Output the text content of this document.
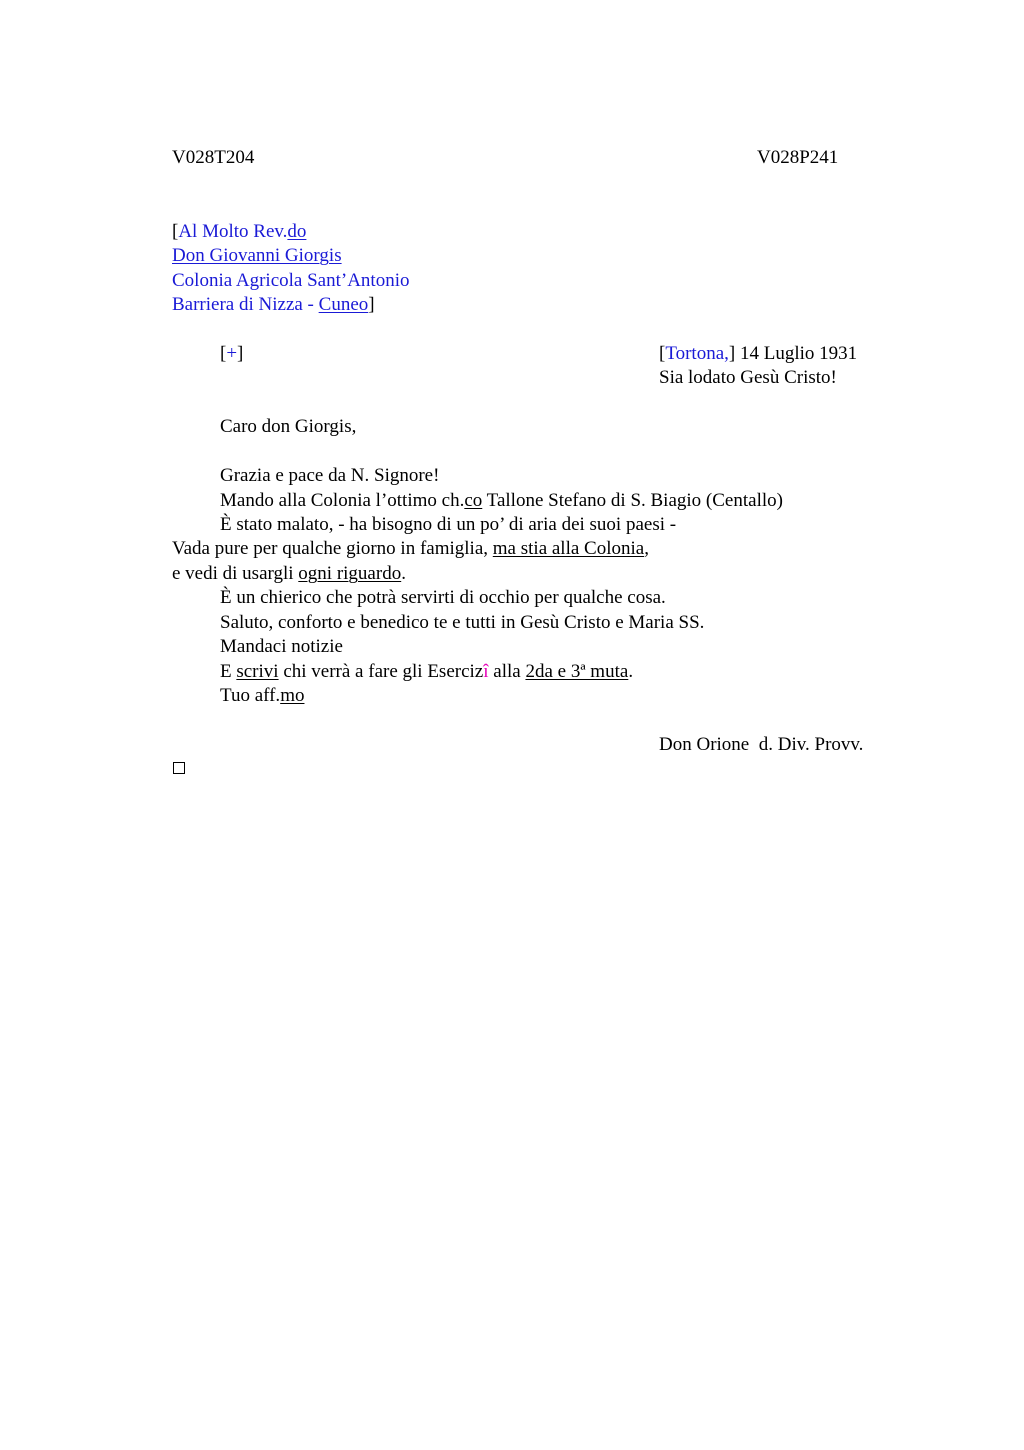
V028T204	V028P241
[Al Molto Rev.do
Don Giovanni Giorgis
Colonia Agricola Sant’Antonio
Barriera di Nizza - Cuneo]
[+]	[Tortona,] 14 Luglio 1931
Sia lodato Gesù Cristo!
Caro don Giorgis,
Grazia e pace da N. Signore!
Mando alla Colonia l’ottimo ch.co Tallone Stefano di S. Biagio (Centallo)
È stato malato, - ha bisogno di un po’ di aria dei suoi paesi -
Vada pure per qualche giorno in famiglia, ma stia alla Colonia,
e vedi di usargli ogni riguardo.
È un chierico che potrà servirti di occhio per qualche cosa.
Saluto, conforto e benedico te e tutti in Gesù Cristo e Maria SS.
Mandaci notizie
E scrivi chi verrà a fare gli Esercizî alla 2da e 3ª muta.
Tuo aff.mo
Don Orione  d. Div. Provv.
